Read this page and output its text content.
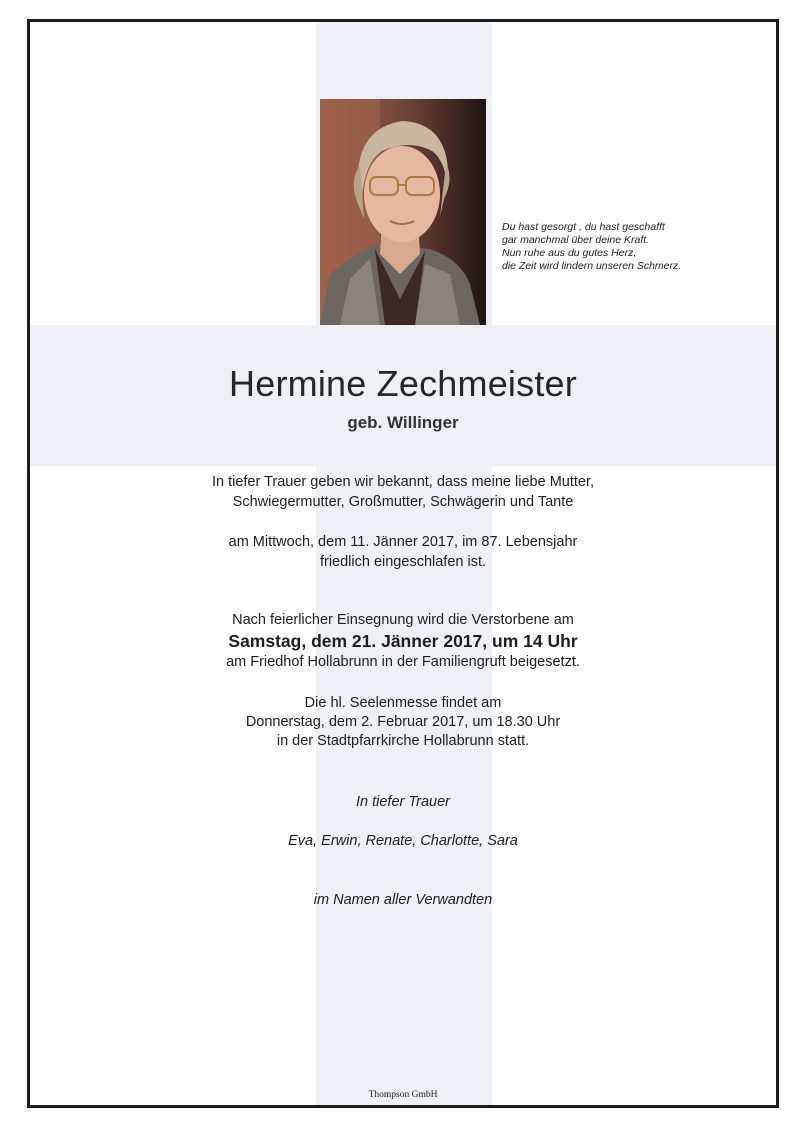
Du hast gesorgt , du hast geschafft
gar manchmal über deine Kraft.
Nun ruhe aus du gutes Herz,
die Zeit wird lindern unseren Schmerz.
Hermine Zechmeister
geb. Willinger
In tiefer Trauer geben wir bekannt, dass meine liebe Mutter,
Schwiegermutter, Großmutter, Schwägerin und Tante
am Mittwoch, dem 11. Jänner 2017, im 87. Lebensjahr
friedlich eingeschlafen ist.
Nach feierlicher Einsegnung wird die Verstorbene am
Samstag, dem 21. Jänner 2017, um 14 Uhr
am Friedhof Hollabrunn in der Familiengruft beigesetzt.
Die hl. Seelenmesse findet am
Donnerstag, dem 2. Februar 2017, um 18.30 Uhr
in der Stadtpfarrkirche Hollabrunn statt.
In tiefer Trauer
Eva, Erwin, Renate, Charlotte, Sara
im Namen aller Verwandten
Thompson GmbH
